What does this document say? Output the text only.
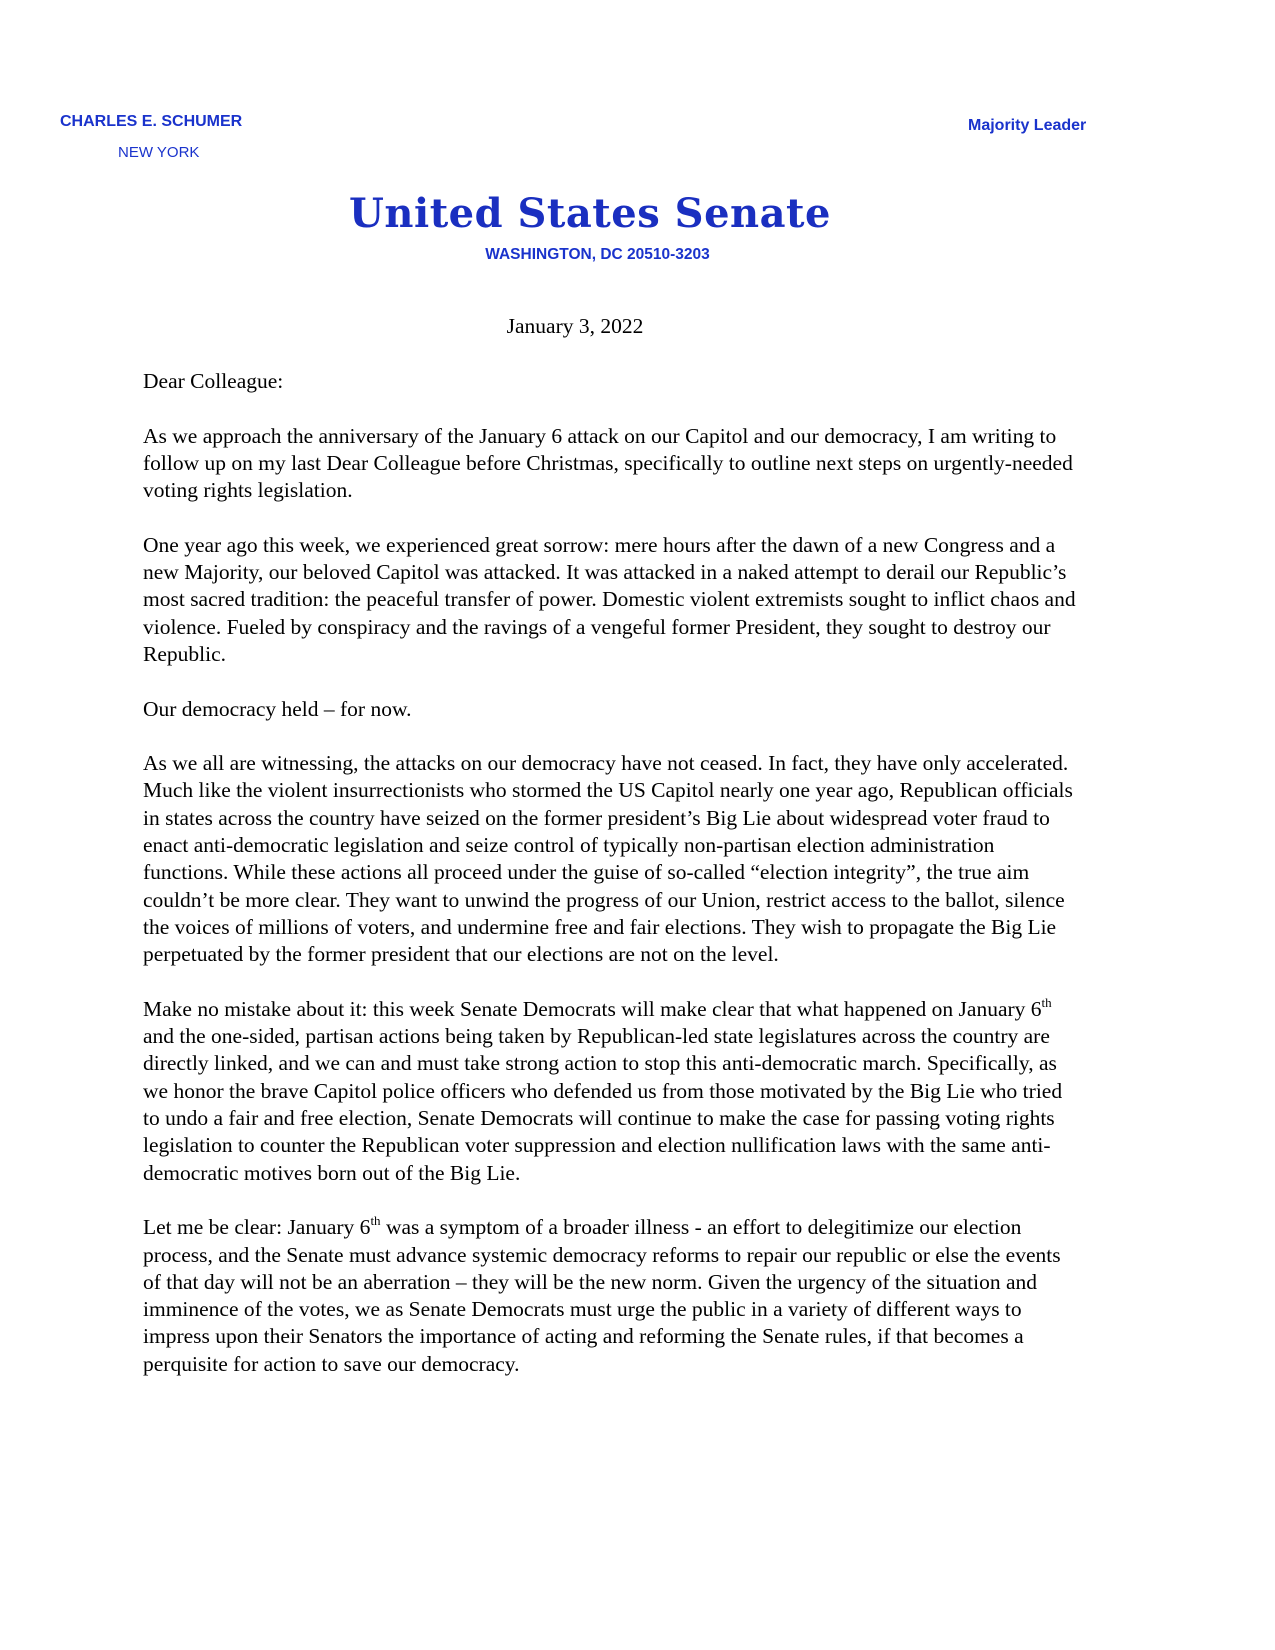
CHARLES E. SCHUMER
NEW YORK
Majority Leader
United States Senate
WASHINGTON, DC 20510-3203
January 3, 2022

Dear Colleague:

As we approach the anniversary of the January 6 attack on our Capitol and our democracy, I am writing to follow up on my last Dear Colleague before Christmas, specifically to outline next steps on urgently-needed voting rights legislation.

One year ago this week, we experienced great sorrow: mere hours after the dawn of a new Congress and a new Majority, our beloved Capitol was attacked. It was attacked in a naked attempt to derail our Republic’s most sacred tradition: the peaceful transfer of power. Domestic violent extremists sought to inflict chaos and violence. Fueled by conspiracy and the ravings of a vengeful former President, they sought to destroy our Republic.

Our democracy held – for now.

As we all are witnessing, the attacks on our democracy have not ceased. In fact, they have only accelerated. Much like the violent insurrectionists who stormed the US Capitol nearly one year ago, Republican officials in states across the country have seized on the former president’s Big Lie about widespread voter fraud to enact anti-democratic legislation and seize control of typically non-partisan election administration functions. While these actions all proceed under the guise of so-called “election integrity”, the true aim couldn’t be more clear. They want to unwind the progress of our Union, restrict access to the ballot, silence the voices of millions of voters, and undermine free and fair elections. They wish to propagate the Big Lie perpetuated by the former president that our elections are not on the level.

Make no mistake about it: this week Senate Democrats will make clear that what happened on January 6th and the one-sided, partisan actions being taken by Republican-led state legislatures across the country are directly linked, and we can and must take strong action to stop this anti-democratic march. Specifically, as we honor the brave Capitol police officers who defended us from those motivated by the Big Lie who tried to undo a fair and free election, Senate Democrats will continue to make the case for passing voting rights legislation to counter the Republican voter suppression and election nullification laws with the same anti-democratic motives born out of the Big Lie.

Let me be clear: January 6th was a symptom of a broader illness - an effort to delegitimize our election process, and the Senate must advance systemic democracy reforms to repair our republic or else the events of that day will not be an aberration – they will be the new norm. Given the urgency of the situation and imminence of the votes, we as Senate Democrats must urge the public in a variety of different ways to impress upon their Senators the importance of acting and reforming the Senate rules, if that becomes a perquisite for action to save our democracy.
